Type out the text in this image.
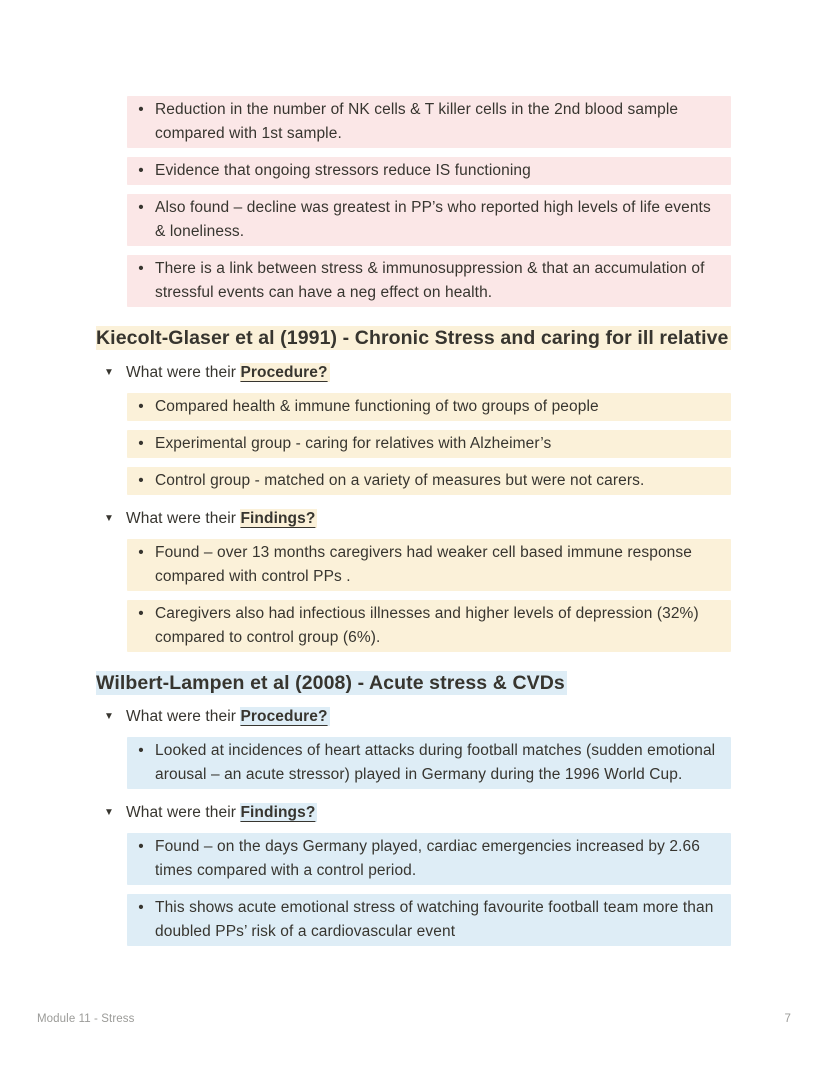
• Reduction in the number of NK cells & T killer cells in the 2nd blood sample compared with 1st sample.

• Evidence that ongoing stressors reduce IS functioning

• Also found – decline was greatest in PP’s who reported high levels of life events & loneliness.

• There is a link between stress & immunosuppression & that an accumulation of stressful events can have a neg effect on health.

Kiecolt-Glaser et al (1991) - Chronic Stress and caring for ill relative
▼ What were their Procedure?
• Compared health & immune functioning of two groups of people

• Experimental group - caring for relatives with Alzheimer’s

• Control group - matched on a variety of measures but were not carers.

▼ What were their Findings?
• Found – over 13 months caregivers had weaker cell based immune response compared with control PPs .

• Caregivers also had infectious illnesses and higher levels of depression (32%) compared to control group (6%).

Wilbert-Lampen et al (2008) - Acute stress & CVDs
▼ What were their Procedure?
• Looked at incidences of heart attacks during football matches (sudden emotional arousal – an acute stressor) played in Germany during the 1996 World Cup.

▼ What were their Findings?
• Found – on the days Germany played, cardiac emergencies increased by 2.66 times compared with a control period.

• This shows acute emotional stress of watching favourite football team more than doubled PPs’ risk of a cardiovascular event

Module 11 - Stress	7
